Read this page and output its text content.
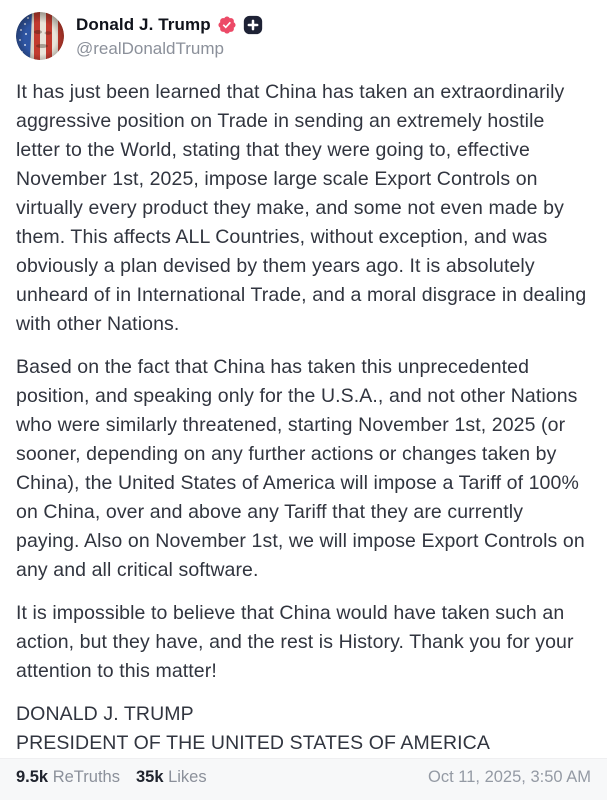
Donald J. Trump
@realDonaldTrump

It has just been learned that China has taken an extraordinarily aggressive position on Trade in sending an extremely hostile letter to the World, stating that they were going to, effective November 1st, 2025, impose large scale Export Controls on virtually every product they make, and some not even made by them. This affects ALL Countries, without exception, and was obviously a plan devised by them years ago. It is absolutely unheard of in International Trade, and a moral disgrace in dealing with other Nations.

Based on the fact that China has taken this unprecedented position, and speaking only for the U.S.A., and not other Nations who were similarly threatened, starting November 1st, 2025 (or sooner, depending on any further actions or changes taken by China), the United States of America will impose a Tariff of 100% on China, over and above any Tariff that they are currently paying. Also on November 1st, we will impose Export Controls on any and all critical software.

It is impossible to believe that China would have taken such an action, but they have, and the rest is History. Thank you for your attention to this matter!

DONALD J. TRUMP
PRESIDENT OF THE UNITED STATES OF AMERICA
9.5k ReTruths 35k Likes	Oct 11, 2025, 3:50 AM
